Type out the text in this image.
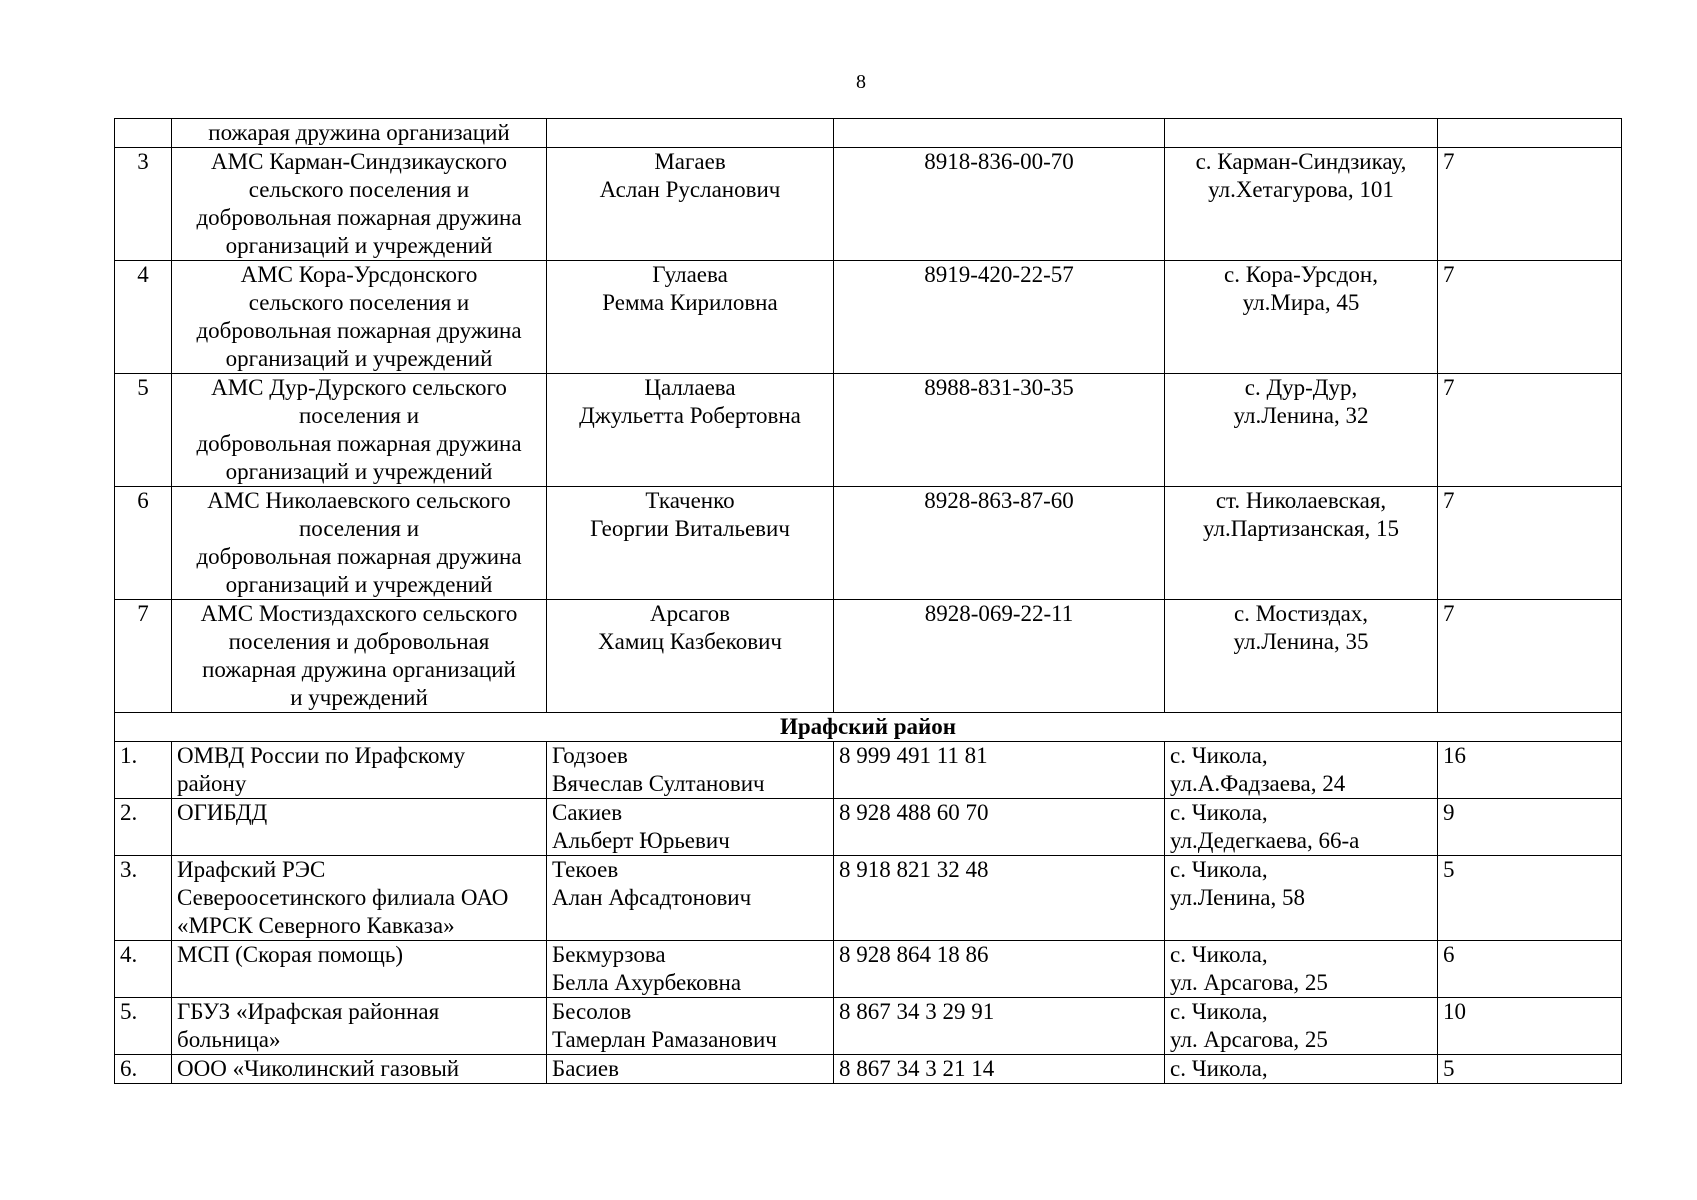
8
	пожарая дружина организаций				
3	АМС Карман-Синдзикауского
сельского поселения и
добровольная пожарная дружина
организаций и учреждений	Магаев
Аслан Русланович	8918-836-00-70	с. Карман-Синдзикау,
ул.Хетагурова, 101	7
4	АМС Кора-Урсдонского
сельского поселения и
добровольная пожарная дружина
организаций и учреждений	Гулаева
Ремма Кириловна	8919-420-22-57	с. Кора-Урсдон,
ул.Мира, 45	7
5	АМС Дур-Дурского сельского
поселения и
добровольная пожарная дружина
организаций и учреждений	Цаллаева
Джульетта Робертовна	8988-831-30-35	с. Дур-Дур,
ул.Ленина, 32	7
6	АМС Николаевского сельского
поселения и
добровольная пожарная дружина
организаций и учреждений	Ткаченко
Георгии Витальевич	8928-863-87-60	ст. Николаевская,
ул.Партизанская, 15	7
7	АМС Мостиздахского сельского
поселения и добровольная
пожарная дружина организаций
и учреждений	Арсагов
Хамиц Казбекович	8928-069-22-11	с. Мостиздах,
ул.Ленина, 35	7
Ирафский район					
1.	ОМВД России по Ирафскому
району	Годзоев
Вячеслав Султанович	8 999 491 11 81	с. Чикола,
ул.А.Фадзаева, 24	16
2.	ОГИБДД	Сакиев
Альберт Юрьевич	8 928 488 60 70	с. Чикола,
ул.Дедегкаева, 66-а	9
3.	Ирафский РЭС
Североосетинского филиала ОАО
«МРСК Северного Кавказа»	Текоев
Алан Афсадтонович	8 918 821 32 48	с. Чикола,
ул.Ленина, 58	5
4.	МСП (Скорая помощь)	Бекмурзова
Белла Ахурбековна	8 928 864 18 86	с. Чикола,
ул. Арсагова, 25	6
5.	ГБУЗ «Ирафская районная
больница»	Бесолов
Тамерлан Рамазанович	8 867 34 3 29 91	с. Чикола,
ул. Арсагова, 25	10
6.	ООО «Чиколинский газовый	Басиев	8 867 34 3 21 14	с. Чикола,	5
